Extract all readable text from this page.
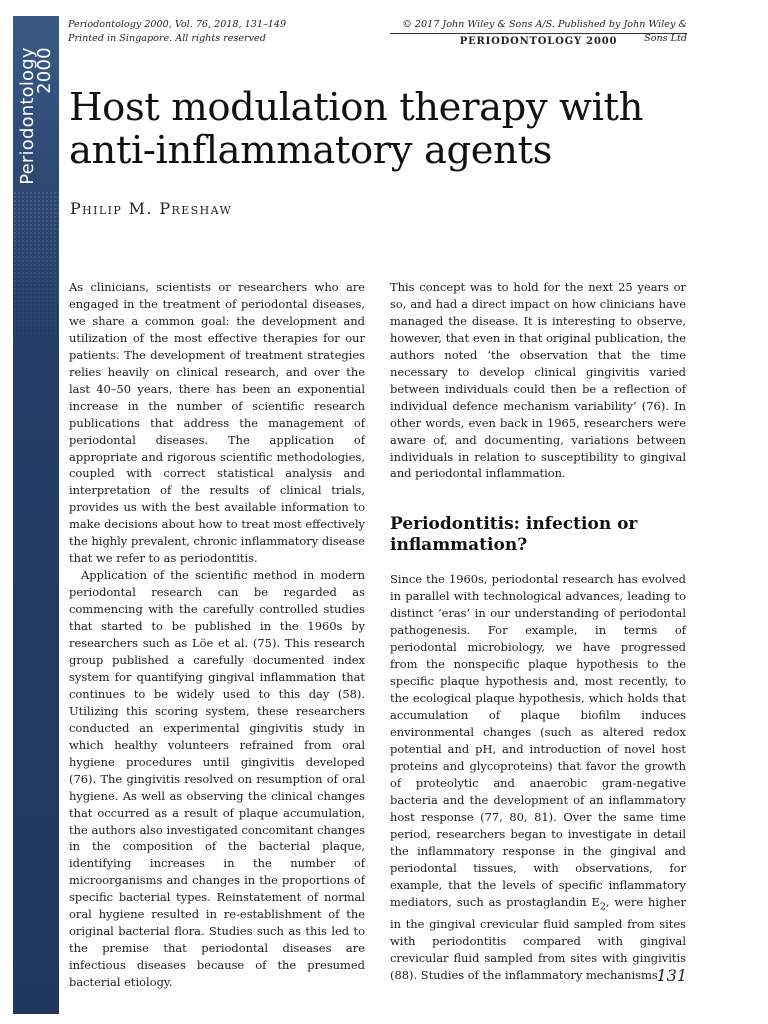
Periodontology
2000
Periodontology 2000, Vol. 76, 2018, 131–149
Printed in Singapore. All rights reserved
© 2017 John Wiley & Sons A/S. Published by John Wiley & Sons Ltd
PERIODONTOLOGY 2000
Host modulation therapy with
anti-inflammatory agents
Philip M. Preshaw

As clinicians, scientists or researchers who are engaged in the treatment of periodontal diseases, we share a common goal: the development and utilization of the most effective therapies for our patients. The development of treatment strategies relies heavily on clinical research, and over the last 40–50 years, there has been an exponential increase in the number of scientific research publications that address the management of periodontal diseases. The application of appropriate and rigorous scientific methodologies, coupled with correct statistical analysis and interpretation of the results of clinical trials, provides us with the best available information to make decisions about how to treat most effectively the highly prevalent, chronic inflammatory disease that we refer to as periodontitis.

Application of the scientific method in modern periodontal research can be regarded as commencing with the carefully controlled studies that started to be published in the 1960s by researchers such as Löe et al. (75). This research group published a carefully documented index system for quantifying gingival inflammation that continues to be widely used to this day (58). Utilizing this scoring system, these researchers conducted an experimental gingivitis study in which healthy volunteers refrained from oral hygiene procedures until gingivitis developed (76). The gingivitis resolved on resumption of oral hygiene. As well as observing the clinical changes that occurred as a result of plaque accumulation, the authors also investigated concomitant changes in the composition of the bacterial plaque, identifying increases in the number of microorganisms and changes in the proportions of specific bacterial types. Reinstatement of normal oral hygiene resulted in re-establishment of the original bacterial flora. Studies such as this led to the premise that periodontal diseases are infectious diseases because of the presumed bacterial etiology.

This concept was to hold for the next 25 years or so, and had a direct impact on how clinicians have managed the disease. It is interesting to observe, however, that even in that original publication, the authors noted ‘the observation that the time necessary to develop clinical gingivitis varied between individuals could then be a reflection of individual defence mechanism variability’ (76). In other words, even back in 1965, researchers were aware of, and documenting, variations between individuals in relation to susceptibility to gingival and periodontal inflammation.

Periodontitis: infection or inflammation?

Since the 1960s, periodontal research has evolved in parallel with technological advances, leading to distinct ‘eras’ in our understanding of periodontal pathogenesis. For example, in terms of periodontal microbiology, we have progressed from the nonspecific plaque hypothesis to the specific plaque hypothesis and, most recently, to the ecological plaque hypothesis, which holds that accumulation of plaque biofilm induces environmental changes (such as altered redox potential and pH, and introduction of novel host proteins and glycoproteins) that favor the growth of proteolytic and anaerobic gram-negative bacteria and the development of an inflammatory host response (77, 80, 81). Over the same time period, researchers began to investigate in detail the inflammatory response in the gingival and periodontal tissues, with observations, for example, that the levels of specific inflammatory mediators, such as prostaglandin $E_2$, were higher in the gingival crevicular fluid sampled from sites with periodontitis compared with gingival crevicular fluid sampled from sites with gingivitis (88). Studies of the inflammatory mechanisms

131
